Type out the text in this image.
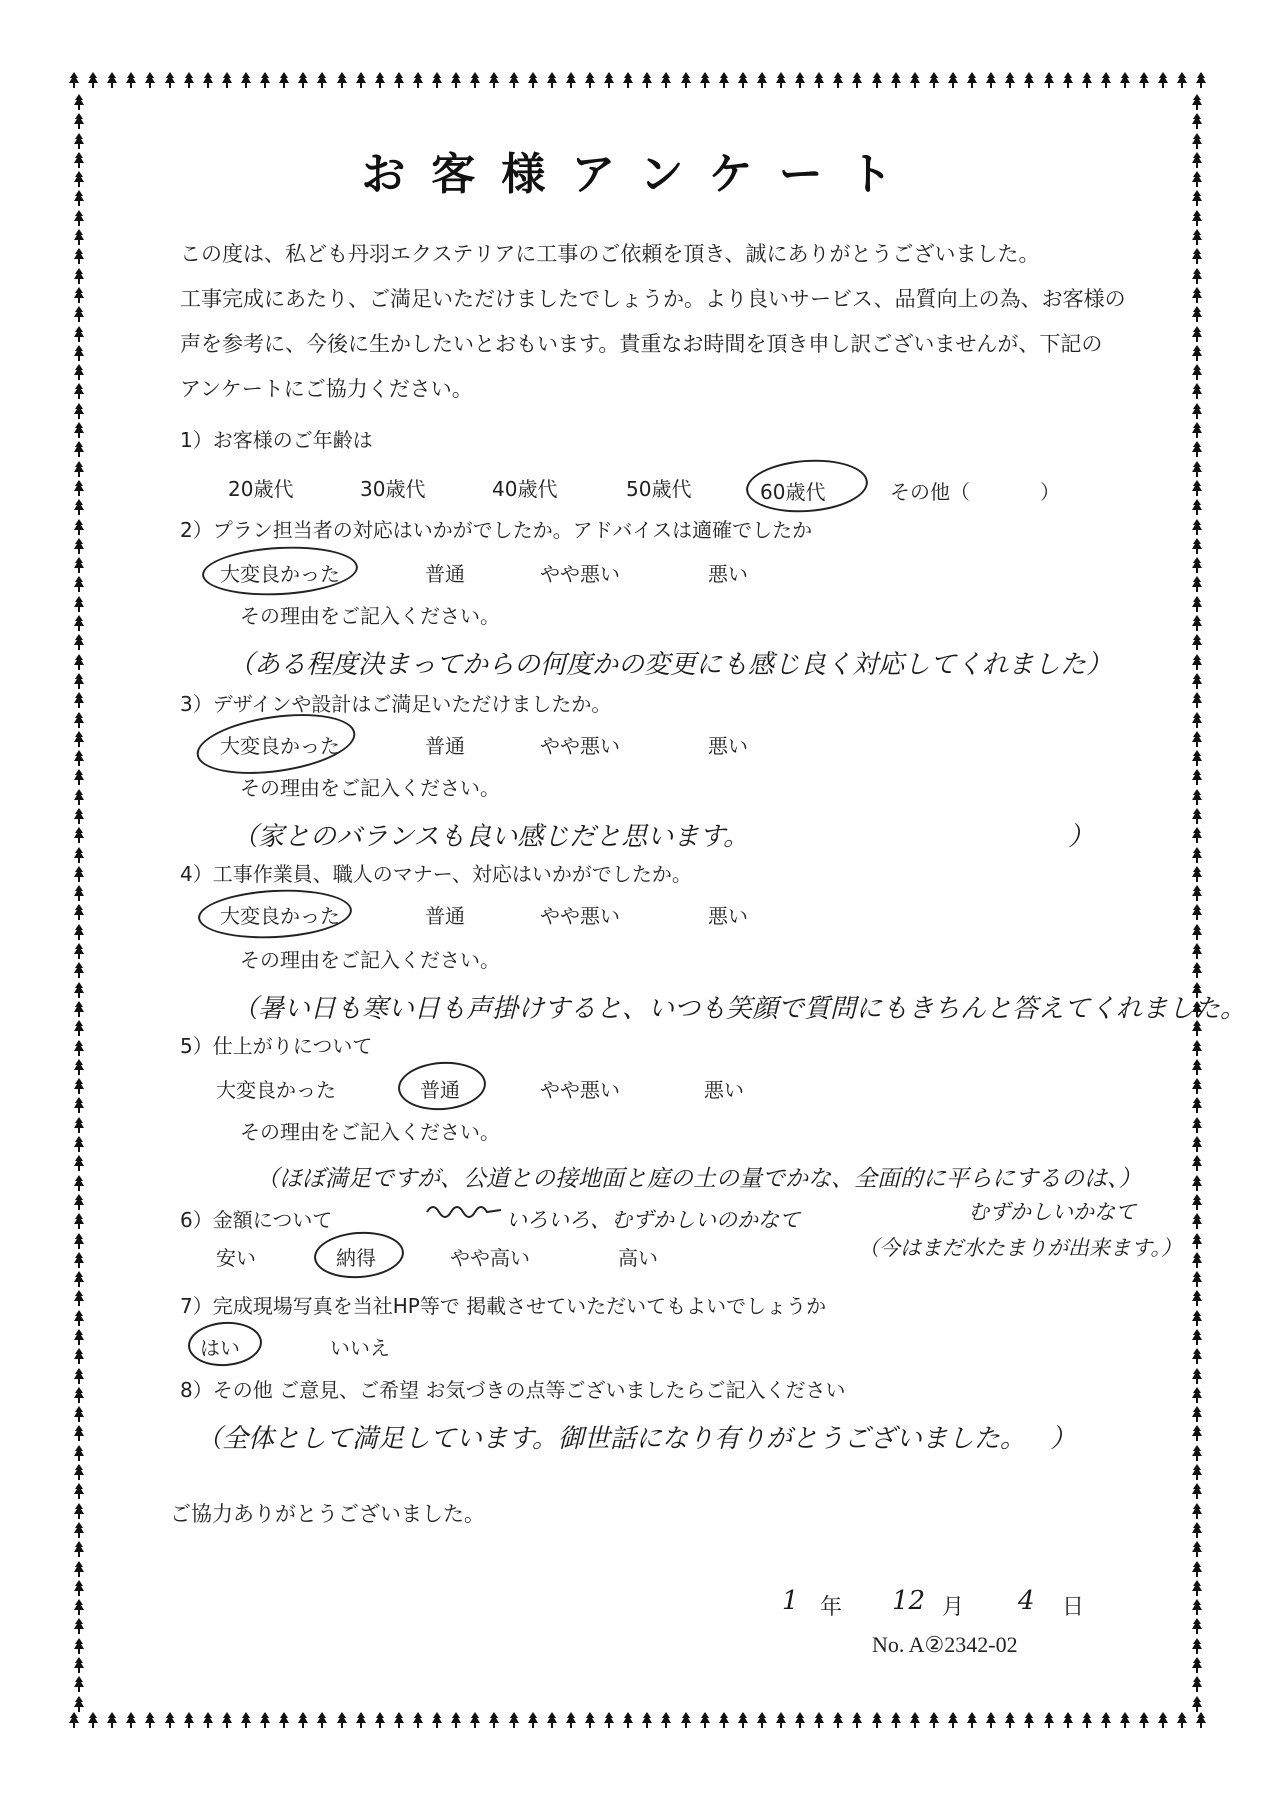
お客様アンケート
この度は、私ども丹羽エクステリアに工事のご依頼を頂き、誠にありがとうございました。
工事完成にあたり、ご満足いただけましたでしょうか。より良いサービス、品質向上の為、お客様の
声を参考に、今後に生かしたいとおもいます。貴重なお時間を頂き申し訳ございませんが、下記の
アンケートにご協力ください。
1）お客様のご年齢は
20歳代	30歳代	40歳代	50歳代	60歳代	その他（	）
2）プラン担当者の対応はいかがでしたか。アドバイスは適確でしたか
大変良かった	普通	やや悪い	悪い
その理由をご記入ください。
（ある程度決まってからの何度かの変更にも感じ良く対応してくれました）
3）デザインや設計はご満足いただけましたか。
大変良かった	普通	やや悪い	悪い
その理由をご記入ください。
（家とのバランスも良い感じだと思います。	）
4）工事作業員、職人のマナー、対応はいかがでしたか。
大変良かった	普通	やや悪い	悪い
その理由をご記入ください。
（暑い日も寒い日も声掛けすると、いつも笑顔で質問にもきちんと答えてくれました。
5）仕上がりについて
大変良かった	普通	やや悪い	悪い
その理由をご記入ください。
（ほぼ満足ですが、公道との接地面と庭の土の量でかな、全面的に平らにするのは、）
いろいろ、むずかしいのかなて	むずかしいかなて
（今はまだ水たまりが出来ます。）
6）金額について
安い	納得	やや高い	高い
7）完成現場写真を当社HP等で 掲載させていただいてもよいでしょうか
はい	いいえ
8）その他 ご意見、ご希望 お気づきの点等ございましたらご記入ください
（全体として満足しています。御世話になり有りがとうございました。 ）
ご協力ありがとうございました。
1 年 12 月 4 日
No. A②2342-02
